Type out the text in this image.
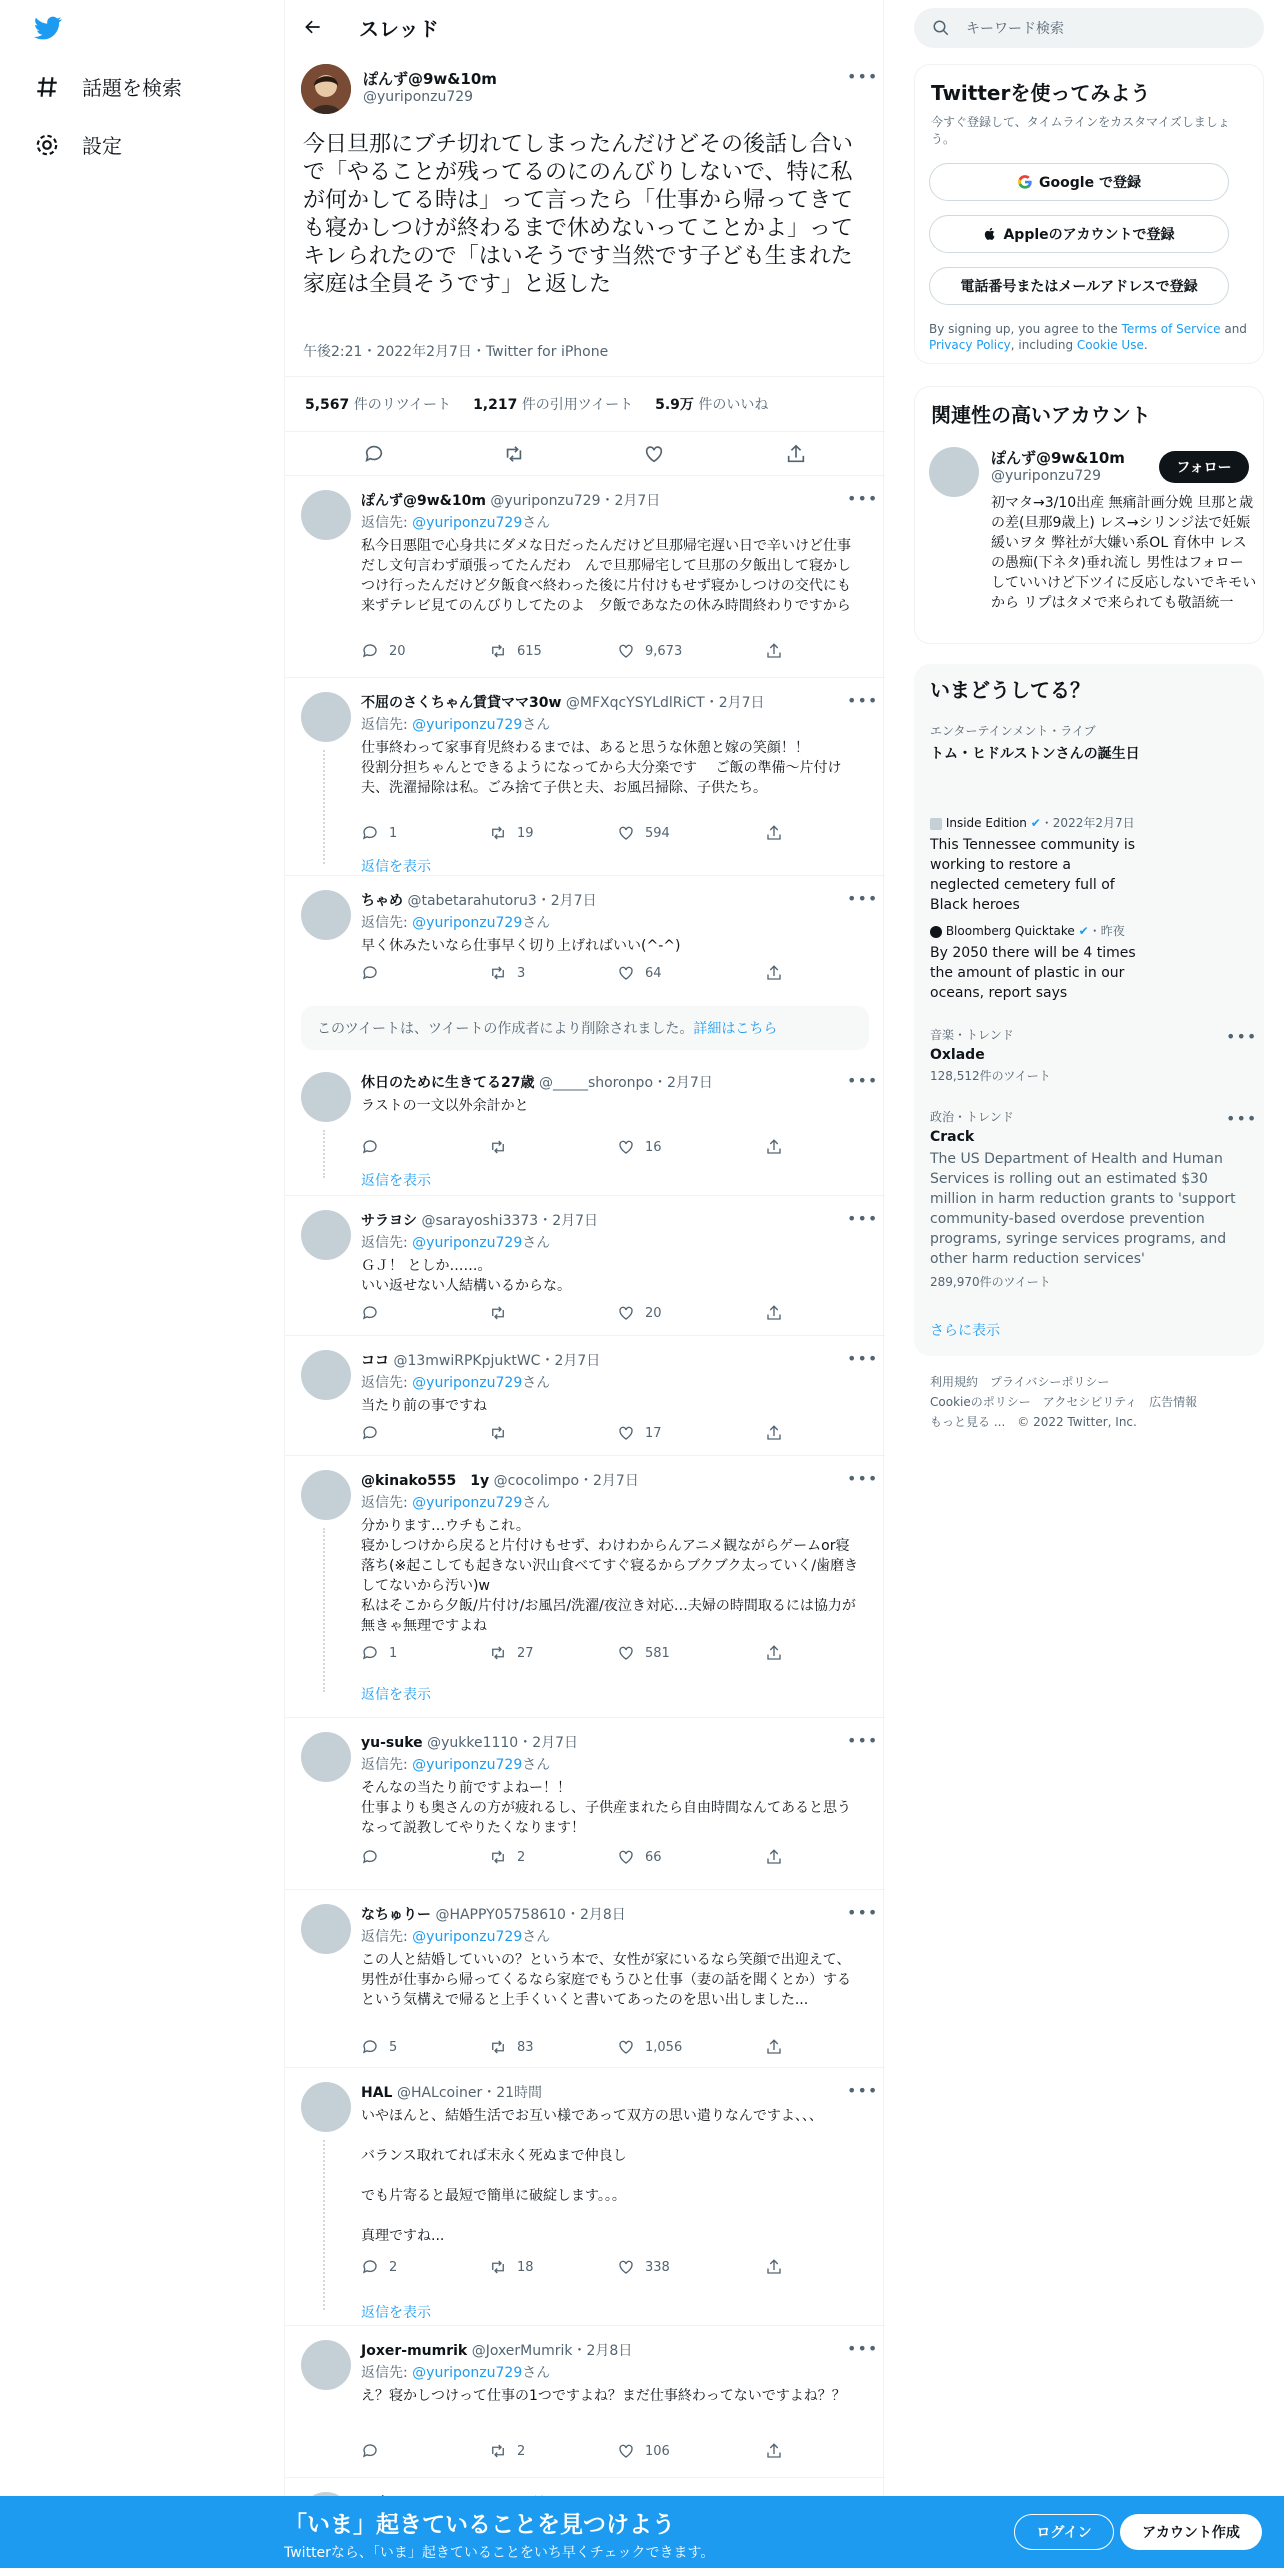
話題を検索
設定
スレッド
ぽんず@9w&10m
@yuriponzu729
•••
今日旦那にブチ切れてしまったんだけどその後話し合いで「やることが残ってるのにのんびりしないで、特に私が何かしてる時は」って言ったら「仕事から帰ってきても寝かしつけが終わるまで休めないってことかよ」ってキレられたので「はいそうです当然です子ども生まれた家庭は全員そうです」と返した
午後2:21・2022年2月7日・Twitter for iPhone
5,567 件のリツイート 1,217 件の引用ツイート 5.9万 件のいいね
ぽんず@9w&10m @yuriponzu729・2月7日	•••
返信先: @yuriponzu729さん
私今日悪阻で心身共にダメな日だったんだけど旦那帰宅遅い日で辛いけど仕事だし文句言わず頑張ってたんだわ　んで旦那帰宅して旦那の夕飯出して寝かしつけ行ったんだけど夕飯食べ終わった後に片付けもせず寝かしつけの交代にも来ずテレビ見てのんびりしてたのよ　夕飯であなたの休み時間終わりですから
20	615	9,673
不屈のさくちゃん賃貸ママ30w @MFXqcYSYLdlRiCT・2月7日	•••
返信先: @yuriponzu729さん
仕事終わって家事育児終わるまでは、あると思うな休憩と嫁の笑顔！！
役割分担ちゃんとできるようになってから大分楽です　 ご飯の準備〜片付け夫、洗濯掃除は私。ごみ捨て子供と夫、お風呂掃除、子供たち。
1	19	594
返信を表示
ちゃめ @tabetarahutoru3・2月7日	•••
返信先: @yuriponzu729さん
早く休みたいなら仕事早く切り上げればいい(^-^)
3	64
休日のために生きてる27歳 @_____shoronpo・2月7日	•••
ラストの一文以外余計かと
16
返信を表示
サラヨシ @sarayoshi3373・2月7日	•••
返信先: @yuriponzu729さん
ＧＪ！ としか……。
いい返せない人結構いるからな。
20
ココ @13mwiRPKpjuktWC・2月7日	•••
返信先: @yuriponzu729さん
当たり前の事ですね
17
@kinako555　1y @cocolimpo・2月7日	•••
返信先: @yuriponzu729さん
分かります…ウチもこれ。
寝かしつけから戻ると片付けもせず、わけわからんアニメ観ながらゲームor寝落ち(※起こしても起きない沢山食べてすぐ寝るからブクブク太っていく/歯磨きしてないから汚い)w
私はそこから夕飯/片付け/お風呂/洗濯/夜泣き対応…夫婦の時間取るには協力が無きゃ無理ですよね
1	27	581
返信を表示
yu-suke @yukke1110・2月7日	•••
返信先: @yuriponzu729さん
そんなの当たり前ですよねー！！
仕事よりも奥さんの方が疲れるし、子供産まれたら自由時間なんてあると思うなって説教してやりたくなります！
2	66
なちゅりー @HAPPY05758610・2月8日	•••
返信先: @yuriponzu729さん
この人と結婚していいの？という本で、女性が家にいるなら笑顔で出迎えて、男性が仕事から帰ってくるなら家庭でもうひと仕事（妻の話を聞くとか）するという気構えで帰ると上手くいくと書いてあったのを思い出しました...
5	83	1,056
HAL @HALcoiner・21時間	•••
いやほんと、結婚生活でお互い様であって双方の思い遣りなんですよ、、、

バランス取れてれば末永く死ぬまで仲良し

でも片寄ると最短で簡単に破綻します。。。

真理ですね...
2	18	338
返信を表示
Joxer-mumrik @JoxerMumrik・2月8日	•••
返信先: @yuriponzu729さん
え？寝かしつけって仕事の1つですよね？まだ仕事終わってないですよね？？
2	106
このツイートは、ツイートの作成者により削除されました。 詳細はこちら
キーワード検索
Twitterを使ってみよう
今すぐ登録して、タイムラインをカスタマイズしましょう。
Google で登録
Appleのアカウントで登録
電話番号またはメールアドレスで登録
By signing up, you agree to the Terms of Service and Privacy Policy, including Cookie Use.
関連性の高いアカウント
ぽんず@9w&10m
@yuriponzu729	フォロー
初マタ→3/10出産 無痛計画分娩 旦那と歳の差(旦那9歳上) レス→シリンジ法で妊娠 緩いヲタ 弊社が大嫌い系OL 育休中 レスの愚痴(下ネタ)垂れ流し 男性はフォローしていいけど下ツイに反応しないでキモいから リプはタメで来られても敬語統一
いまどうしてる？
エンターテインメント・ライブ
トム・ヒドルストンさんの誕生日
Inside Edition ✔・2022年2月7日
This Tennessee community is working to restore a neglected cemetery full of Black heroes
Bloomberg Quicktake ✔・昨夜
By 2050 there will be 4 times the amount of plastic in our oceans, report says
音楽・トレンド
Oxlade
128,512件のツイート
•••
政治・トレンド
Crack
The US Department of Health and Human Services is rolling out an estimated $30 million in harm reduction grants to 'support community-based overdose prevention programs, syringe services programs, and other harm reduction services'
289,970件のツイート
•••
さらに表示
利用規約　プライバシーポリシー
Cookieのポリシー　アクセシビリティ　広告情報
もっと見る ...　© 2022 Twitter, Inc.
「いま」起きていることを見つけよう
Twitterなら、「いま」起きていることをいち早くチェックできます。
ログイン	アカウント作成
